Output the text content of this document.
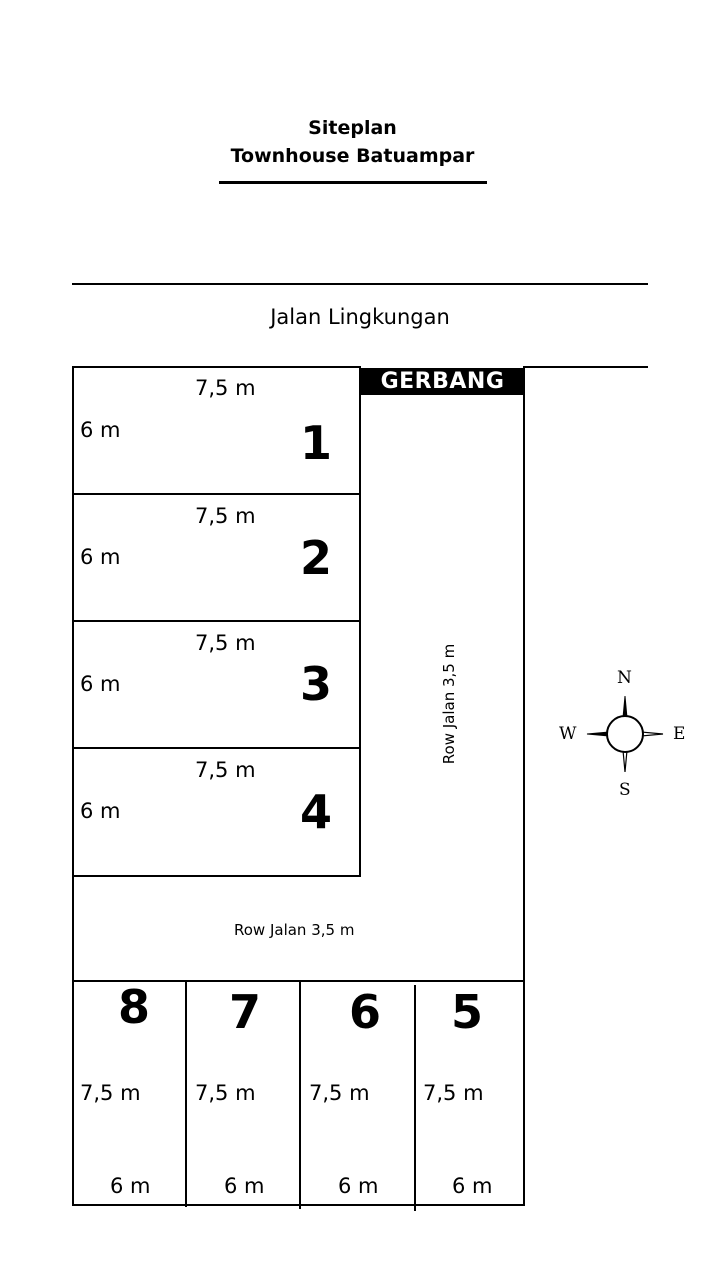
Siteplan
Townhouse Batuampar
Jalan Lingkungan
GERBANG
7,5 m
6 m	1
7,5 m
6 m	2
7,5 m
6 m	3
7,5 m
6 m	4
Row Jalan 3,5 m
Row Jalan 3,5 m
8 7 6 5
7,5 m	7,5 m	7,5 m	7,5 m
6 m	6 m	6 m	6 m
N
S
W	E
